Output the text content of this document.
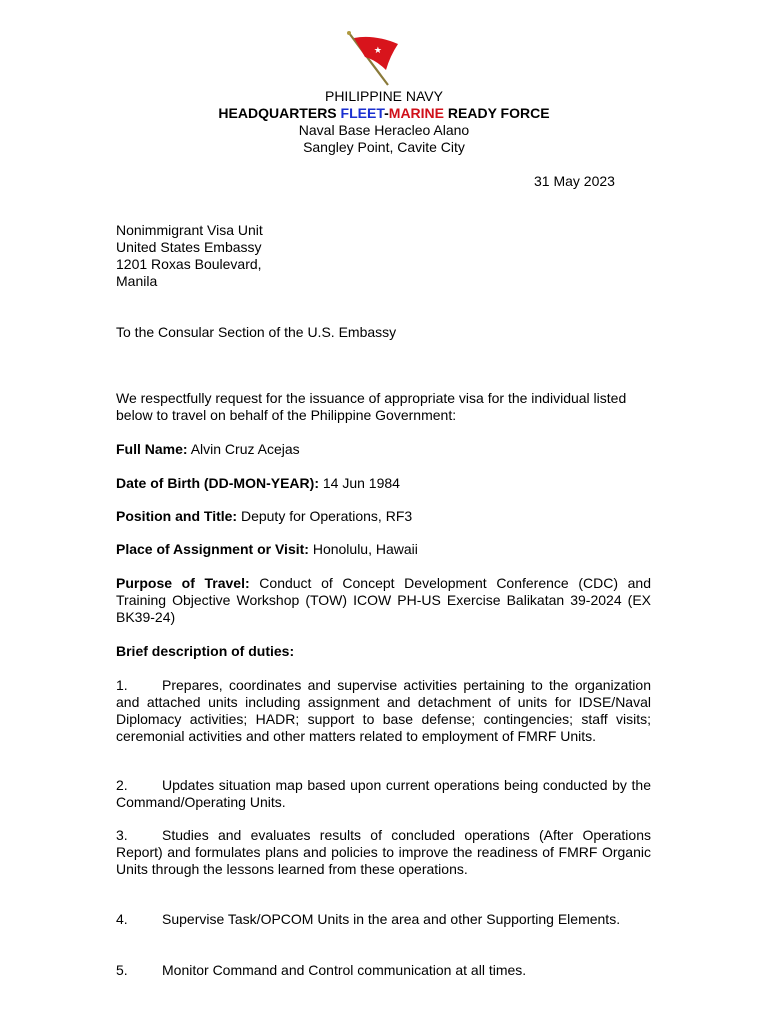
PHILIPPINE NAVY
HEADQUARTERS FLEET-MARINE READY FORCE
Naval Base Heracleo Alano
Sangley Point, Cavite City
31 May 2023
Nonimmigrant Visa Unit
United States Embassy
1201 Roxas Boulevard,
Manila
To the Consular Section of the U.S. Embassy
We respectfully request for the issuance of appropriate visa for the individual listed below to travel on behalf of the Philippine Government:
Full Name: Alvin Cruz Acejas
Date of Birth (DD-MON-YEAR): 14 Jun 1984
Position and Title: Deputy for Operations, RF3
Place of Assignment or Visit: Honolulu, Hawaii
Purpose of Travel: Conduct of Concept Development Conference (CDC) and Training Objective Workshop (TOW) ICOW PH-US Exercise Balikatan 39-2024 (EX BK39-24)
Brief description of duties:
1. Prepares, coordinates and supervise activities pertaining to the organization and attached units including assignment and detachment of units for IDSE/Naval Diplomacy activities; HADR; support to base defense; contingencies; staff visits; ceremonial activities and other matters related to employment of FMRF Units.
2. Updates situation map based upon current operations being conducted by the Command/Operating Units.
3. Studies and evaluates results of concluded operations (After Operations Report) and formulates plans and policies to improve the readiness of FMRF Organic Units through the lessons learned from these operations.
4. Supervise Task/OPCOM Units in the area and other Supporting Elements.
5. Monitor Command and Control communication at all times.
